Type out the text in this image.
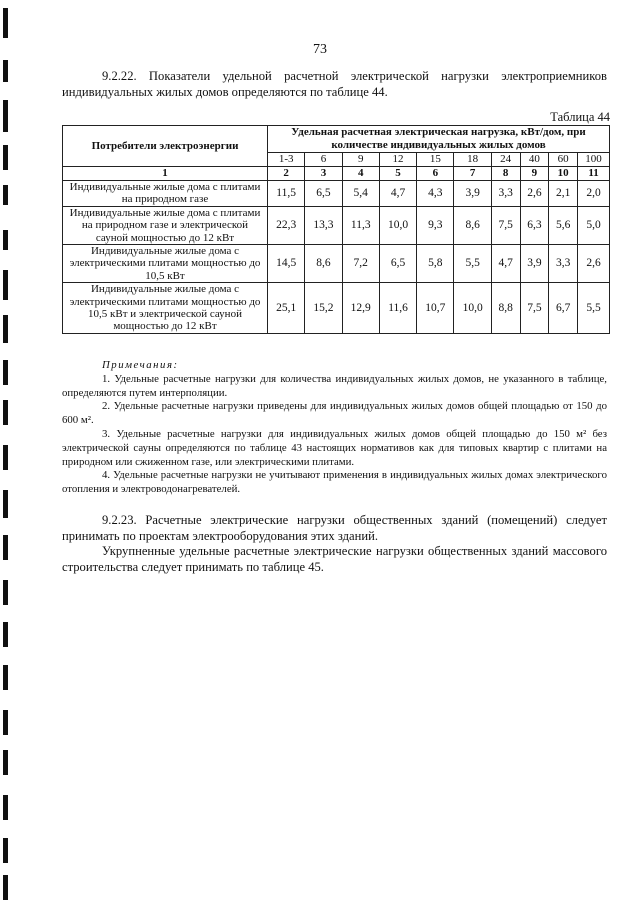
73

9.2.22. Показатели удельной расчетной электрической нагрузки электроприемников индивидуальных жилых домов определяются по таблице 44.

Таблица 44
Потребители электроэнергии	Удельная расчетная электрическая нагрузка, кВт/дом, при количестве индивидуальных жилых домов									
	1-3	6	9	12	15	18	24	40	60	100
1	2	3	4	5	6	7	8	9	10	11
Индивидуальные жилые дома с плитами на природном газе	11,5	6,5	5,4	4,7	4,3	3,9	3,3	2,6	2,1	2,0
Индивидуальные жилые дома с плитами на природном газе и электрической сауной мощностью до 12 кВт	22,3	13,3	11,3	10,0	9,3	8,6	7,5	6,3	5,6	5,0
Индивидуальные жилые дома с электрическими плитами мощностью до 10,5 кВт	14,5	8,6	7,2	6,5	5,8	5,5	4,7	3,9	3,3	2,6
Индивидуальные жилые дома с электрическими плитами мощностью до 10,5 кВт и электрической сауной мощностью до 12 кВт	25,1	15,2	12,9	11,6	10,7	10,0	8,8	7,5	6,7	5,5
Примечания:

1. Удельные расчетные нагрузки для количества индивидуальных жилых домов, не указанного в таблице, определяются путем интерполяции.

2. Удельные расчетные нагрузки приведены для индивидуальных жилых домов общей площадью от 150 до 600 м².

3. Удельные расчетные нагрузки для индивидуальных жилых домов общей площадью до 150 м² без электрической сауны определяются по таблице 43 настоящих нормативов как для типовых квартир с плитами на природном или сжиженном газе, или электрическими плитами.

4. Удельные расчетные нагрузки не учитывают применения в индивидуальных жилых домах электрического отопления и электроводонагревателей.

9.2.23. Расчетные электрические нагрузки общественных зданий (помещений) следует принимать по проектам электрооборудования этих зданий.

Укрупненные удельные расчетные электрические нагрузки общественных зданий массового строительства следует принимать по таблице 45.
